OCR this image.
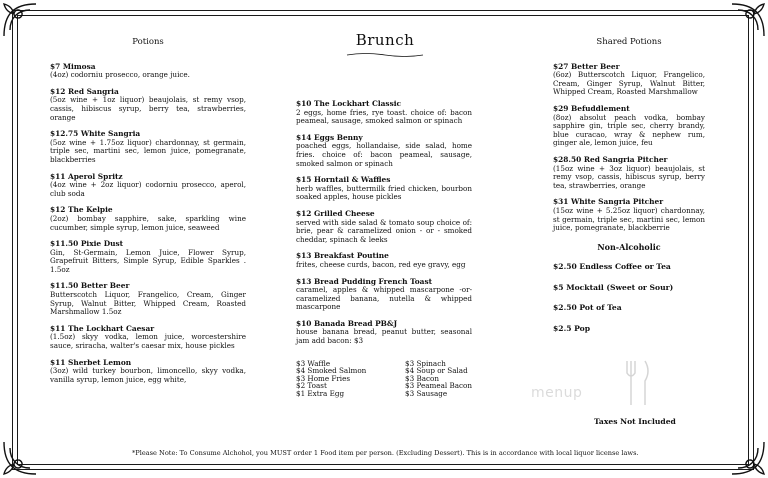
Potions
$7 Mimosa
(4oz) codorniu prosecco, orange juice.
$12 Red Sangria
(5oz wine + 1oz liquor) beaujolais, st remy vsop, cassis, hibiscus syrup, berry tea, strawberries, orange
$12.75 White Sangria
(5oz wine + 1.75oz liquor) chardonnay, st germain, triple sec, martini sec, lemon juice, pomegranate, blackberries
$11 Aperol Spritz
(4oz wine + 2oz liquor) codorniu prosecco, aperol, club soda
$12 The Kelpie
(2oz) bombay sapphire, sake, sparkling wine cucumber, simple syrup, lemon juice, seaweed
$11.50 Pixie Dust
Gin, St-Germain, Lemon Juice, Flower Syrup, Grapefruit Bitters, Simple Syrup, Edible Sparkles . 1.5oz
$11.50 Better Beer
Butterscotch Liquor, Frangelico, Cream, Ginger Syrup, Walnut Bitter, Whipped Cream, Roasted Marshmallow 1.5oz
$11 The Lockhart Caesar
(1.5oz) skyy vodka, lemon juice, worcestershire sauce, sriracha, walter's caesar mix, house pickles
$11 Sherbet Lemon
(3oz) wild turkey bourbon, limoncello, skyy vodka, vanilla syrup, lemon juice, egg white,
Brunch
$10 The Lockhart Classic
2 eggs, home fries, rye toast. choice of: bacon peameal, sausage, smoked salmon or spinach
$14 Eggs Benny
poached eggs, hollandaise, side salad, home fries. choice of: bacon peameal, sausage, smoked salmon or spinach
$15 Horntail & Waffles
herb waffles, buttermilk fried chicken, bourbon soaked apples, house pickles
$12 Grilled Cheese
served with side salad & tomato soup choice of: brie, pear & caramelized onion - or - smoked cheddar, spinach & leeks
$13 Breakfast Poutine
frites, cheese curds, bacon, red eye gravy, egg
$13 Bread Pudding French Toast
caramel, apples & whipped mascarpone -or- caramelized banana, nutella & whipped mascarpone
$10 Banada Bread PB&J
house banana bread, peanut butter, seasonal jam add bacon: $3
$3 Waffle
$4 Smoked Salmon
$3 Home Fries
$2 Toast
$1 Extra Egg
$3 Spinach
$4 Soup or Salad
$3 Bacon
$3 Peameal Bacon
$3 Sausage
Shared Potions
$27 Better Beer
(6oz) Butterscotch Liquor, Frangelico, Cream, Ginger Syrup, Walnut Bitter, Whipped Cream, Roasted Marshmallow
$29 Befuddlement
(8oz) absolut peach vodka, bombay sapphire gin, triple sec, cherry brandy, blue curacao, wray & nephew rum, ginger ale, lemon juice, feu
$28.50 Red Sangria Pitcher
(15oz wine + 3oz liquor) beaujolais, st remy vsop, cassis, hibiscus syrup, berry tea, strawberries, orange
$31 White Sangria Pitcher
(15oz wine + 5.25oz liquor) chardonnay, st germain, triple sec, martini sec, lemon juice, pomegranate, blackberrie
Non-Alcoholic
$2.50 Endless Coffee or Tea
$5 Mocktail (Sweet or Sour)
$2.50 Pot of Tea
$2.5 Pop
menup
Taxes Not Included
*Please Note: To Consume Alchohol, you MUST order 1 Food item per person. (Excluding Dessert). This is in accordance with local liquor license laws.
